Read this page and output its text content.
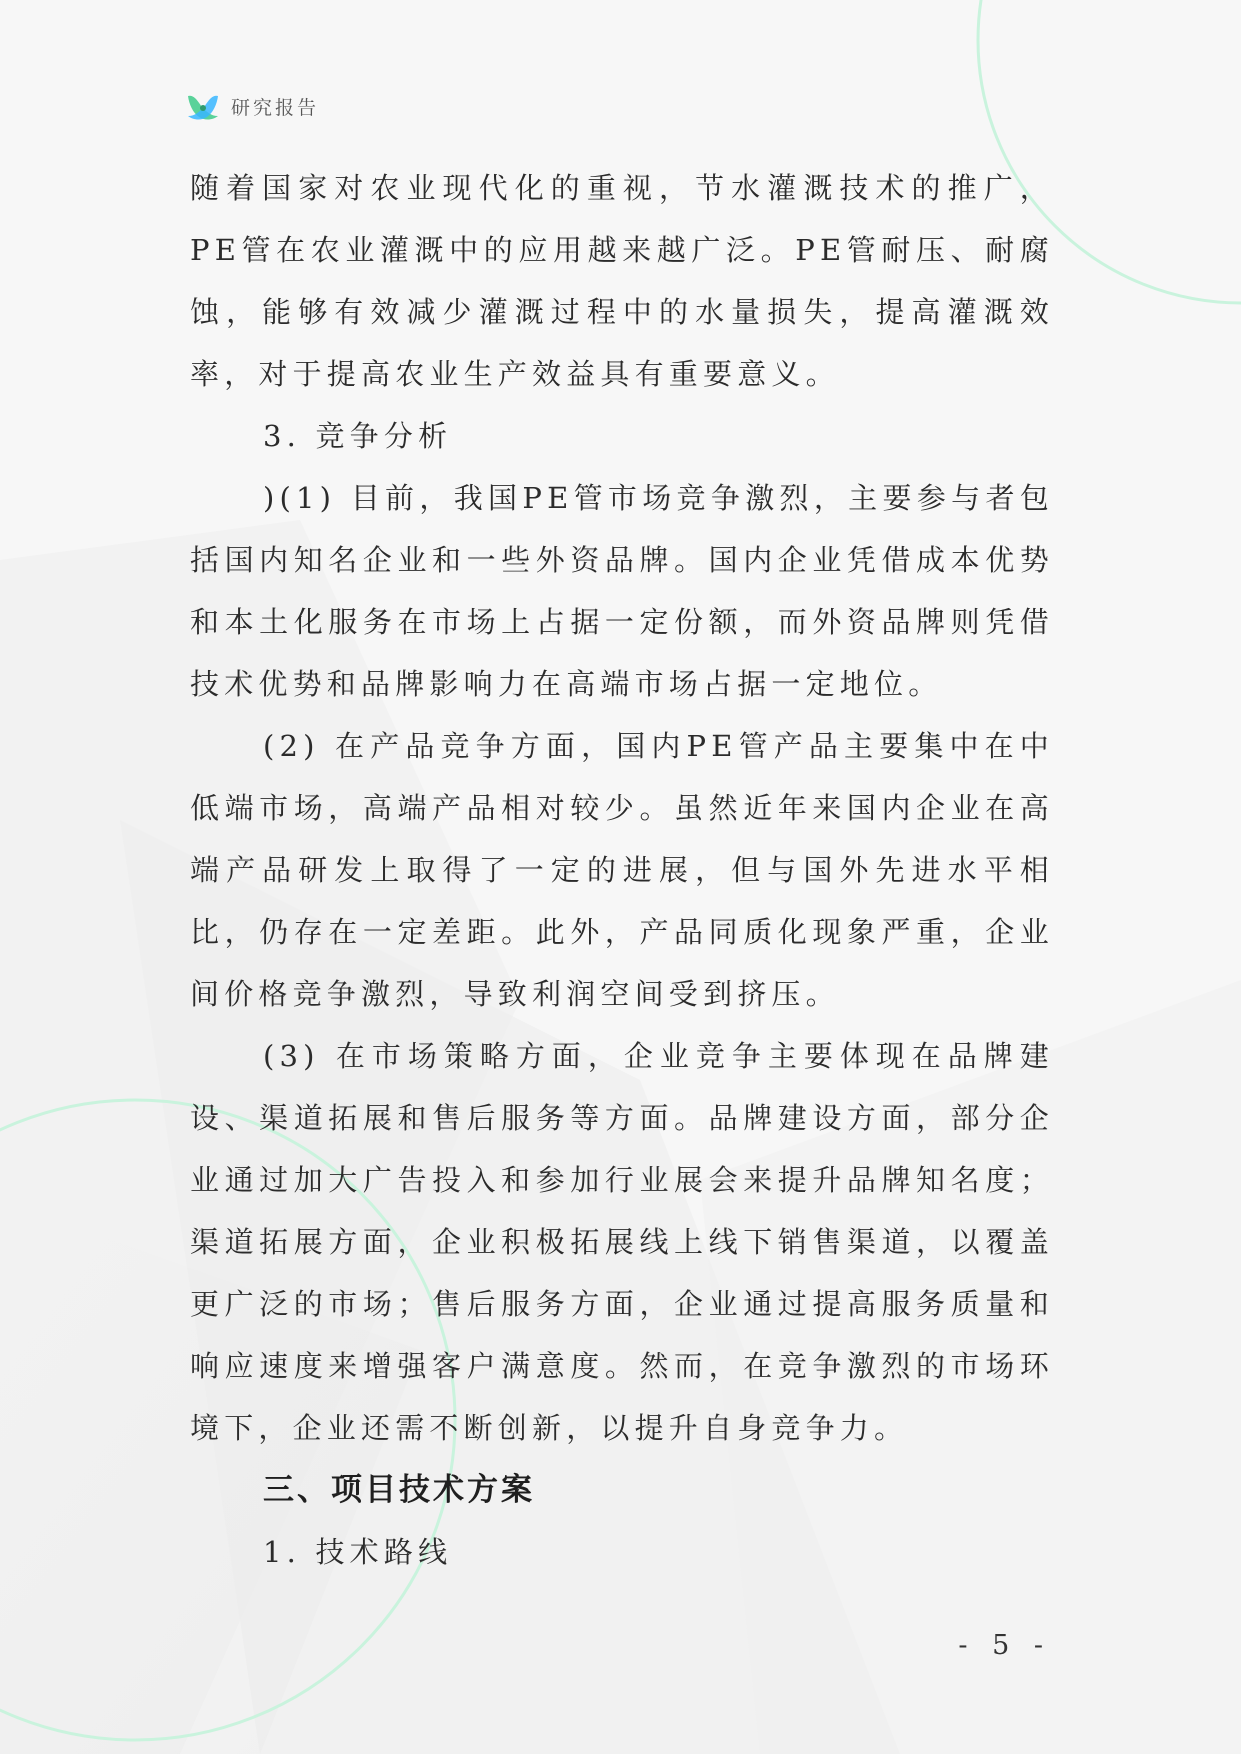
研究报告

随着国家对农业现代化的重视，节水灌溉技术的推广，PE管在农业灌溉中的应用越来越广泛。PE管耐压、耐腐蚀，能够有效减少灌溉过程中的水量损失，提高灌溉效率，对于提高农业生产效益具有重要意义。

3. 竞争分析

)(1) 目前，我国PE管市场竞争激烈，主要参与者包括国内知名企业和一些外资品牌。国内企业凭借成本优势和本土化服务在市场上占据一定份额，而外资品牌则凭借技术优势和品牌影响力在高端市场占据一定地位。

(2) 在产品竞争方面，国内PE管产品主要集中在中低端市场，高端产品相对较少。虽然近年来国内企业在高端产品研发上取得了一定的进展，但与国外先进水平相比，仍存在一定差距。此外，产品同质化现象严重，企业间价格竞争激烈，导致利润空间受到挤压。

(3) 在市场策略方面，企业竞争主要体现在品牌建设、渠道拓展和售后服务等方面。品牌建设方面，部分企业通过加大广告投入和参加行业展会来提升品牌知名度；渠道拓展方面，企业积极拓展线上线下销售渠道，以覆盖更广泛的市场；售后服务方面，企业通过提高服务质量和响应速度来增强客户满意度。然而，在竞争激烈的市场环境下，企业还需不断创新，以提升自身竞争力。

三、项目技术方案

1. 技术路线

- 5 -
